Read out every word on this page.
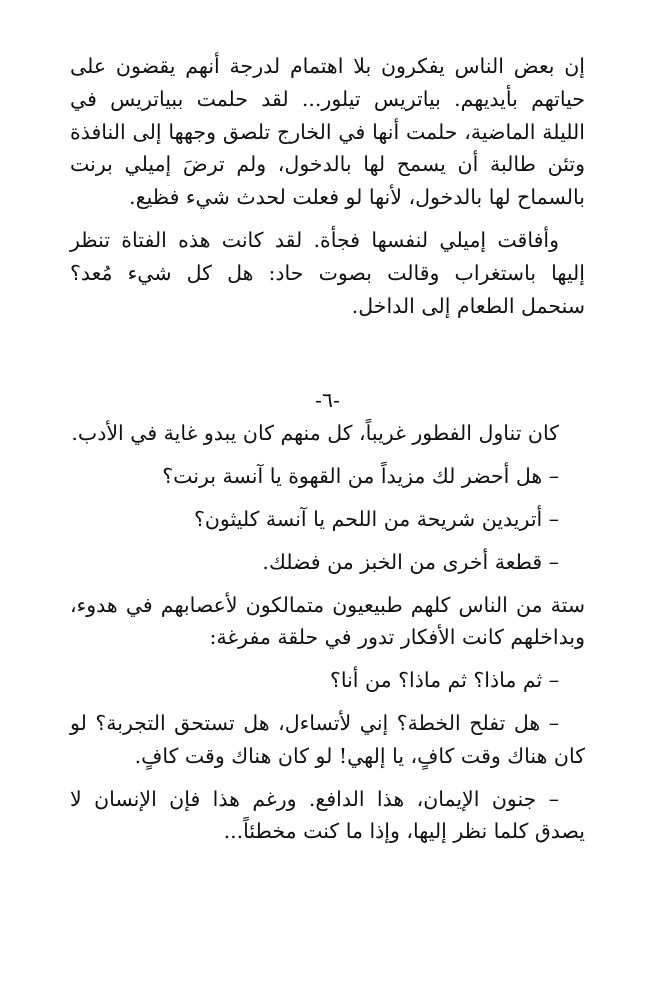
إن بعض الناس يفكرون بلا اهتمام لدرجة أنهم يقضون على حياتهم بأيديهم. بياتريس تيلور... لقد حلمت ببياتريس في الليلة الماضية، حلمت أنها في الخارج تلصق وجهها إلى النافذة وتئن طالبة أن يسمح لها بالدخول، ولم ترضَ إميلي برنت بالسماح لها بالدخول، لأنها لو فعلت لحدث شيء فظيع.

وأفاقت إميلي لنفسها فجأة. لقد كانت هذه الفتاة تنظر إليها باستغراب وقالت بصوت حاد: هل كل شيء مُعد؟ سنحمل الطعام إلى الداخل.

-٦-

كان تناول الفطور غريباً، كل منهم كان يبدو غاية في الأدب.

– هل أحضر لك مزيداً من القهوة يا آنسة برنت؟

– أتريدين شريحة من اللحم يا آنسة كليثون؟

– قطعة أخرى من الخبز من فضلك.

ستة من الناس كلهم طبيعيون متمالكون لأعصابهم في هدوء، وبداخلهم كانت الأفكار تدور في حلقة مفرغة:

– ثم ماذا؟ ثم ماذا؟ من أنا؟

– هل تفلح الخطة؟ إني لأتساءل، هل تستحق التجربة؟ لو كان هناك وقت كافٍ، يا إلهي! لو كان هناك وقت كافٍ.

– جنون الإيمان، هذا الدافع. ورغم هذا فإن الإنسان لا يصدق كلما نظر إليها، وإذا ما كنت مخطئاً...
